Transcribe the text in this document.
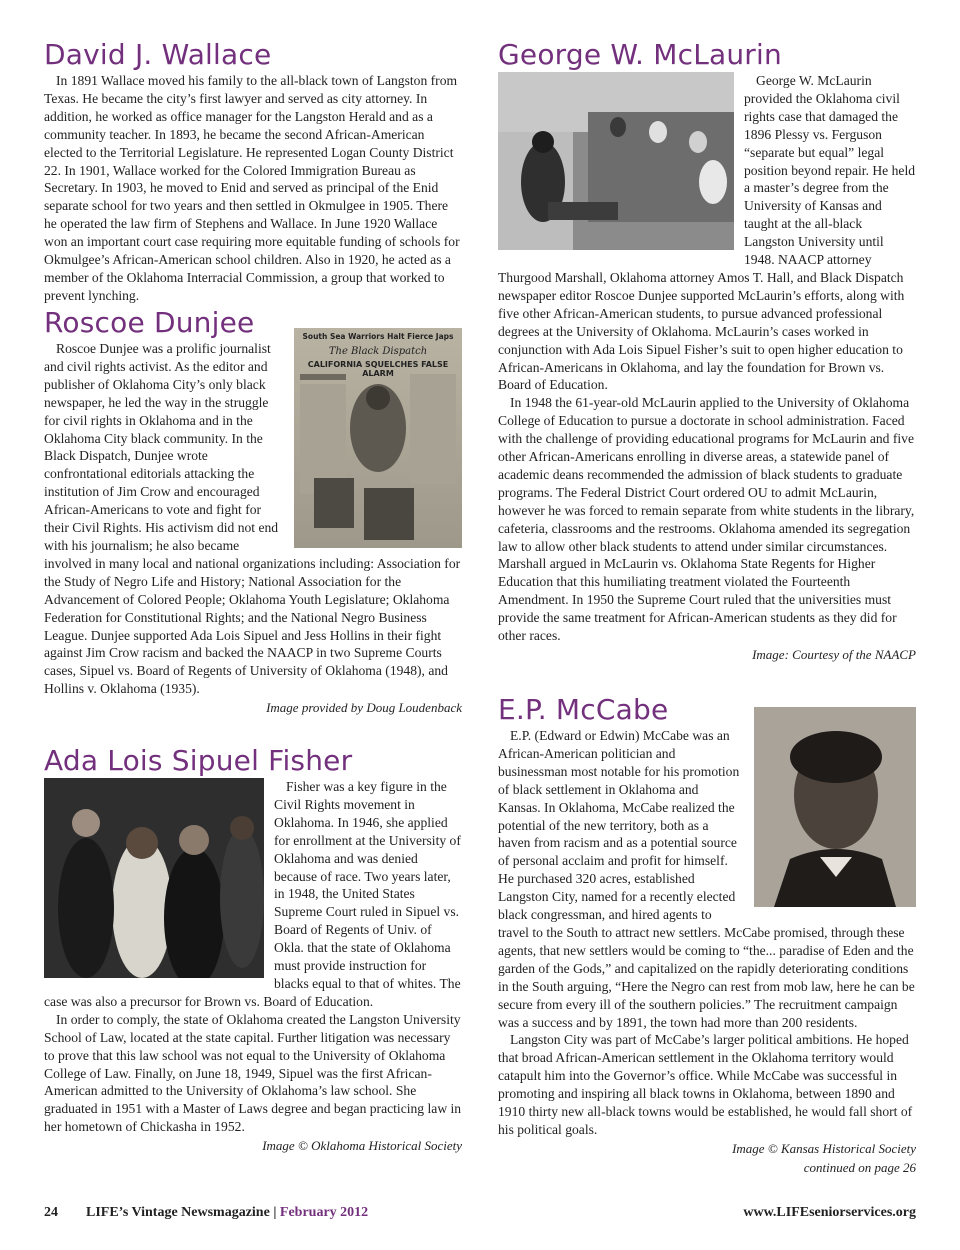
David J. Wallace

In 1891 Wallace moved his family to the all-black town of Langston from Texas. He became the city’s first lawyer and served as city attorney. In addition, he worked as office manager for the Langston Herald and as a community teacher. In 1893, he became the second African-American elected to the Territorial Legislature. He represented Logan County District 22. In 1901, Wallace worked for the Colored Immigration Bureau as Secretary. In 1903, he moved to Enid and served as principal of the Enid separate school for two years and then settled in Okmulgee in 1905. There he operated the law firm of Stephens and Wallace. In June 1920 Wallace won an important court case requiring more equitable funding of schools for Okmulgee’s African-American school children. Also in 1920, he acted as a member of the Oklahoma Interracial Commission, a group that worked to prevent lynching.

Roscoe Dunjee	South Sea Warriors Halt Fierce Japs
The Black Dispatch
CALIFORNIA SQUELCHES FALSE ALARM

Roscoe Dunjee was a prolific journalist and civil rights activist. As the editor and publisher of Oklahoma City’s only black newspaper, he led the way in the struggle for civil rights in Oklahoma and in the Oklahoma City black community. In the Black Dispatch, Dunjee wrote confrontational editorials attacking the institution of Jim Crow and encouraged African-Americans to vote and fight for their Civil Rights. His activism did not end with his journalism; he also became involved in many local and national organizations including: Association for the Study of Negro Life and History; National Association for the Advancement of Colored People; Oklahoma Youth Legislature; Oklahoma Federation for Constitutional Rights; and the National Negro Business League. Dunjee supported Ada Lois Sipuel and Jess Hollins in their fight against Jim Crow racism and backed the NAACP in two Supreme Courts cases, Sipuel vs. Board of Regents of University of Oklahoma (1948), and Hollins v. Oklahoma (1935).

Image provided by Doug Loudenback

Ada Lois Sipuel Fisher

Fisher was a key figure in the Civil Rights movement in Oklahoma. In 1946, she applied for enrollment at the University of Oklahoma and was denied because of race. Two years later, in 1948, the United States Supreme Court ruled in Sipuel vs. Board of Regents of Univ. of Okla. that the state of Oklahoma must provide instruction for blacks equal to that of whites. The case was also a precursor for Brown vs. Board of Education.

In order to comply, the state of Oklahoma created the Langston University School of Law, located at the state capital. Further litigation was necessary to prove that this law school was not equal to the University of Oklahoma College of Law. Finally, on June 18, 1949, Sipuel was the first African-American admitted to the University of Oklahoma’s law school. She graduated in 1951 with a Master of Laws degree and began practicing law in her hometown of Chickasha in 1952.

Image © Oklahoma Historical Society

George W. McLaurin

George W. McLaurin provided the Oklahoma civil rights case that damaged the 1896 Plessy vs. Ferguson “separate but equal” legal position beyond repair. He held a master’s degree from the University of Kansas and taught at the all-black Langston University until 1948. NAACP attorney Thurgood Marshall, Oklahoma attorney Amos T. Hall, and Black Dispatch newspaper editor Roscoe Dunjee supported McLaurin’s efforts, along with five other African-American students, to pursue advanced professional degrees at the University of Oklahoma. McLaurin’s cases worked in conjunction with Ada Lois Sipuel Fisher’s suit to open higher education to African-Americans in Oklahoma, and lay the foundation for Brown vs. Board of Education.

In 1948 the 61-year-old McLaurin applied to the University of Oklahoma College of Education to pursue a doctorate in school administration. Faced with the challenge of providing educational programs for McLaurin and five other African-Americans enrolling in diverse areas, a statewide panel of academic deans recommended the admission of black students to graduate programs. The Federal District Court ordered OU to admit McLaurin, however he was forced to remain separate from white students in the library, cafeteria, classrooms and the restrooms. Oklahoma amended its segregation law to allow other black students to attend under similar circumstances. Marshall argued in McLaurin vs. Oklahoma State Regents for Higher Education that this humiliating treatment violated the Fourteenth Amendment. In 1950 the Supreme Court ruled that the universities must provide the same treatment for African-American students as they did for other races.

Image: Courtesy of the NAACP

E.P. McCabe

E.P. (Edward or Edwin) McCabe was an African-American politician and businessman most notable for his promotion of black settlement in Oklahoma and Kansas. In Oklahoma, McCabe realized the potential of the new territory, both as a haven from racism and as a potential source of personal acclaim and profit for himself. He purchased 320 acres, established Langston City, named for a recently elected black congressman, and hired agents to travel to the South to attract new settlers. McCabe promised, through these agents, that new settlers would be coming to “the... paradise of Eden and the garden of the Gods,” and capitalized on the rapidly deteriorating conditions in the South arguing, “Here the Negro can rest from mob law, here he can be secure from every ill of the southern policies.” The recruitment campaign was a success and by 1891, the town had more than 200 residents.

Langston City was part of McCabe’s larger political ambitions. He hoped that broad African-American settlement in the Oklahoma territory would catapult him into the Governor’s office. While McCabe was successful in promoting and inspiring all black towns in Oklahoma, between 1890 and 1910 thirty new all-black towns would be established, he would fall short of his political goals.

Image © Kansas Historical Society

continued on page 26
24 LIFE’s Vintage Newsmagazine | February 2012	www.LIFEseniorservices.org
